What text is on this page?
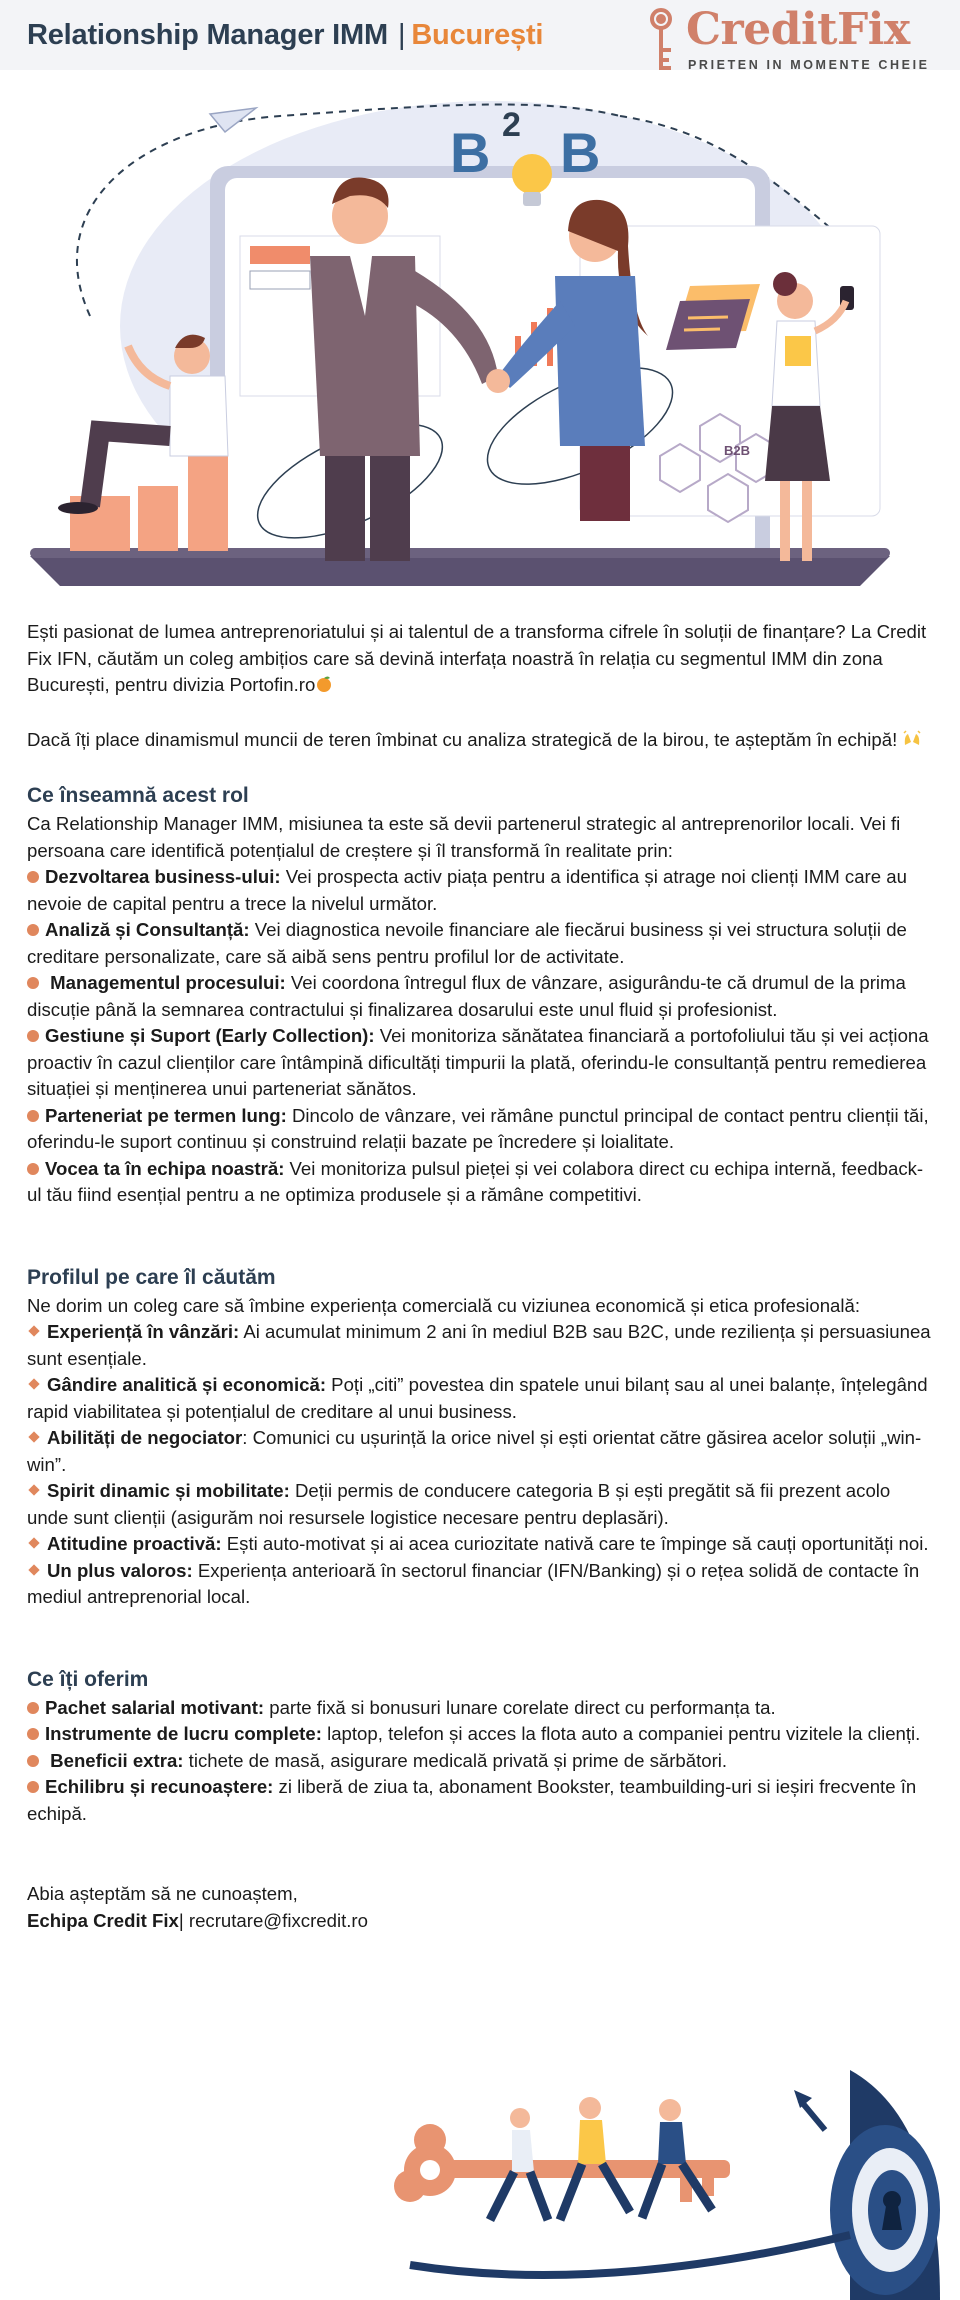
Relationship Manager IMM | București	CreditFix
PRIETEN IN MOMENTE CHEIE
B2B
B 2 B

Ești pasionat de lumea antreprenoriatului și ai talentul de a transforma cifrele în soluții de finanțare? La Credit Fix IFN, căutăm un coleg ambițios care să devină interfața noastră în relația cu segmentul IMM din zona București, pentru divizia Portofin.ro

Dacă îți place dinamismul muncii de teren îmbinat cu analiza strategică de la birou, te așteptăm în echipă!

Ce înseamnă acest rol

Ca Relationship Manager IMM, misiunea ta este să devii partenerul strategic al antreprenorilor locali. Vei fi persoana care identifică potențialul de creștere și îl transformă în realitate prin:

Dezvoltarea business-ului: Vei prospecta activ piața pentru a identifica și atrage noi clienți IMM care au nevoie de capital pentru a trece la nivelul următor.

Analiză și Consultanță: Vei diagnostica nevoile financiare ale fiecărui business și vei structura soluții de creditare personalizate, care să aibă sens pentru profilul lor de activitate.

Managementul procesului: Vei coordona întregul flux de vânzare, asigurându-te că drumul de la prima discuție până la semnarea contractului și finalizarea dosarului este unul fluid și profesionist.

Gestiune și Suport (Early Collection): Vei monitoriza sănătatea financiară a portofoliului tău și vei acționa proactiv în cazul clienților care întâmpină dificultăți timpurii la plată, oferindu-le consultanță pentru remedierea situației și menținerea unui parteneriat sănătos.

Parteneriat pe termen lung: Dincolo de vânzare, vei rămâne punctul principal de contact pentru clienții tăi, oferindu-le suport continuu și construind relații bazate pe încredere și loialitate.

Vocea ta în echipa noastră: Vei monitoriza pulsul pieței și vei colabora direct cu echipa internă, feedback-ul tău fiind esențial pentru a ne optimiza produsele și a rămâne competitivi.

Profilul pe care îl căutăm

Ne dorim un coleg care să îmbine experiența comercială cu viziunea economică și etica profesională:

Experiență în vânzări: Ai acumulat minimum 2 ani în mediul B2B sau B2C, unde reziliența și persuasiunea sunt esențiale.

Gândire analitică și economică: Poți „citi” povestea din spatele unui bilanț sau al unei balanțe, înțelegând rapid viabilitatea și potențialul de creditare al unui business.

Abilități de negociator: Comunici cu ușurință la orice nivel și ești orientat către găsirea acelor soluții „win-win”.

Spirit dinamic și mobilitate: Deții permis de conducere categoria B și ești pregătit să fii prezent acolo unde sunt clienții (asigurăm noi resursele logistice necesare pentru deplasări).

Atitudine proactivă: Ești auto-motivat și ai acea curiozitate nativă care te împinge să cauți oportunități noi.

Un plus valoros: Experiența anterioară în sectorul financiar (IFN/Banking) și o rețea solidă de contacte în mediul antreprenorial local.

Ce îți oferim

Pachet salarial motivant: parte fixă si bonusuri lunare corelate direct cu performanța ta.

Instrumente de lucru complete: laptop, telefon și acces la flota auto a companiei pentru vizitele la clienți.

Beneficii extra: tichete de masă, asigurare medicală privată și prime de sărbători.

Echilibru și recunoaștere: zi liberă de ziua ta, abonament Bookster, teambuilding-uri si ieșiri frecvente în echipă.

Abia așteptăm să ne cunoaștem,

Echipa Credit Fix| recrutare@fixcredit.ro
